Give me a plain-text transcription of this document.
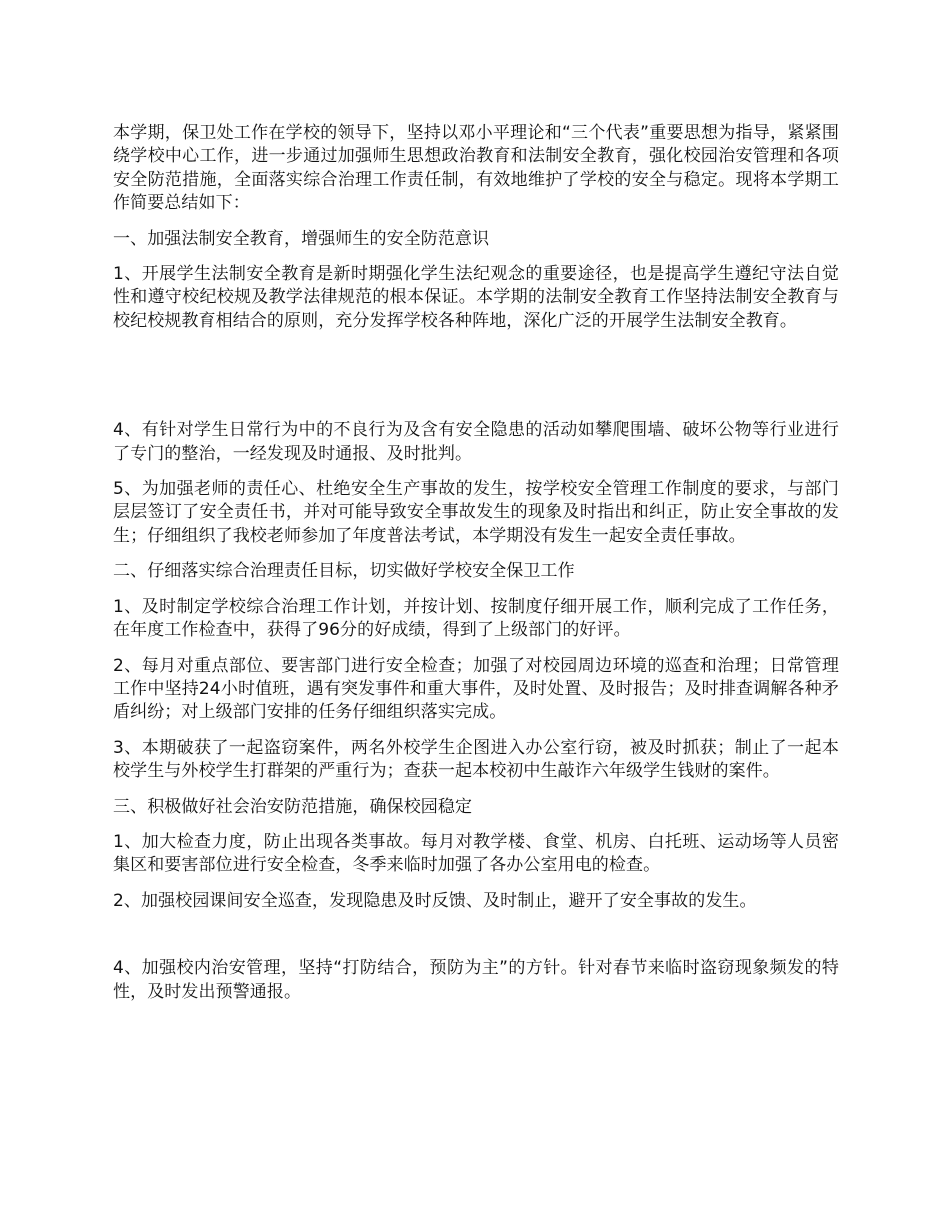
本学期，保卫处工作在学校的领导下，坚持以邓小平理论和“三个代表”重要思想为指导，紧紧围绕学校中心工作，进一步通过加强师生思想政治教育和法制安全教育，强化校园治安管理和各项安全防范措施，全面落实综合治理工作责任制，有效地维护了学校的安全与稳定。现将本学期工作简要总结如下：

一、加强法制安全教育，增强师生的安全防范意识

1、开展学生法制安全教育是新时期强化学生法纪观念的重要途径，也是提高学生遵纪守法自觉性和遵守校纪校规及教学法律规范的根本保证。本学期的法制安全教育工作坚持法制安全教育与校纪校规教育相结合的原则，充分发挥学校各种阵地，深化广泛的开展学生法制安全教育。

4、有针对学生日常行为中的不良行为及含有安全隐患的活动如攀爬围墙、破坏公物等行业进行了专门的整治，一经发现及时通报、及时批判。

5、为加强老师的责任心、杜绝安全生产事故的发生，按学校安全管理工作制度的要求，与部门层层签订了安全责任书，并对可能导致安全事故发生的现象及时指出和纠正，防止安全事故的发生；仔细组织了我校老师参加了年度普法考试，本学期没有发生一起安全责任事故。

二、仔细落实综合治理责任目标，切实做好学校安全保卫工作

1、及时制定学校综合治理工作计划，并按计划、按制度仔细开展工作，顺利完成了工作任务，在年度工作检查中，获得了96分的好成绩，得到了上级部门的好评。

2、每月对重点部位、要害部门进行安全检查；加强了对校园周边环境的巡查和治理；日常管理工作中坚持24小时值班，遇有突发事件和重大事件，及时处置、及时报告；及时排查调解各种矛盾纠纷；对上级部门安排的任务仔细组织落实完成。

3、本期破获了一起盗窃案件，两名外校学生企图进入办公室行窃，被及时抓获；制止了一起本校学生与外校学生打群架的严重行为；查获一起本校初中生敲诈六年级学生钱财的案件。

三、积极做好社会治安防范措施，确保校园稳定

1、加大检查力度，防止出现各类事故。每月对教学楼、食堂、机房、白托班、运动场等人员密集区和要害部位进行安全检查，冬季来临时加强了各办公室用电的检查。

2、加强校园课间安全巡查，发现隐患及时反馈、及时制止，避开了安全事故的发生。

4、加强校内治安管理，坚持“打防结合，预防为主”的方针。针对春节来临时盗窃现象频发的特性，及时发出预警通报。
